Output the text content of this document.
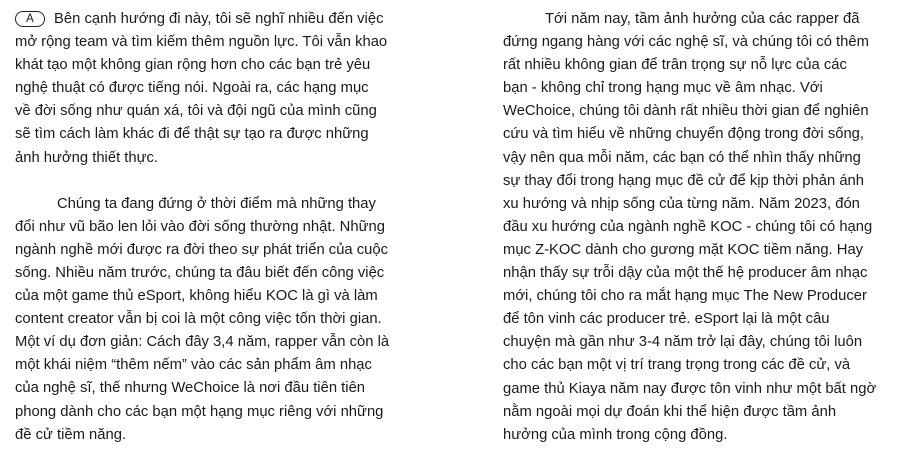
A Bên cạnh hướng đi này, tôi sẽ nghĩ nhiều đến việc
mở rộng team và tìm kiếm thêm nguồn lực. Tôi vẫn khao
khát tạo một không gian rộng hơn cho các bạn trẻ yêu
nghệ thuật có được tiếng nói. Ngoài ra, các hạng mục
về đời sống như quán xá, tôi và đội ngũ của mình cũng
sẽ tìm cách làm khác đi để thật sự tạo ra được những
ảnh hưởng thiết thực.

Chúng ta đang đứng ở thời điểm mà những thay
đổi như vũ bão len lỏi vào đời sống thường nhật. Những
ngành nghề mới được ra đời theo sự phát triển của cuộc
sống. Nhiều năm trước, chúng ta đâu biết đến công việc
của một game thủ eSport, không hiểu KOC là gì và làm
content creator vẫn bị coi là một công việc tốn thời gian.
Một ví dụ đơn giản: Cách đây 3,4 năm, rapper vẫn còn là
một khái niệm “thêm nếm” vào các sản phẩm âm nhạc
của nghệ sĩ, thế nhưng WeChoice là nơi đầu tiên tiên
phong dành cho các bạn một hạng mục riêng với những
đề cử tiềm năng.

Tới năm nay, tầm ảnh hưởng của các rapper đã
đứng ngang hàng với các nghệ sĩ, và chúng tôi có thêm
rất nhiều không gian để trân trọng sự nỗ lực của các
bạn - không chỉ trong hạng mục về âm nhạc. Với
WeChoice, chúng tôi dành rất nhiều thời gian để nghiên
cứu và tìm hiểu về những chuyển động trong đời sống,
vậy nên qua mỗi năm, các bạn có thể nhìn thấy những
sự thay đổi trong hạng mục đề cử để kịp thời phản ánh
xu hướng và nhịp sống của từng năm. Năm 2023, đón
đầu xu hướng của ngành nghề KOC - chúng tôi có hạng
mục Z-KOC dành cho gương mặt KOC tiềm năng. Hay
nhận thấy sự trỗi dậy của một thế hệ producer âm nhạc
mới, chúng tôi cho ra mắt hạng mục The New Producer
để tôn vinh các producer trẻ. eSport lại là một câu
chuyện mà gần như 3-4 năm trở lại đây, chúng tôi luôn
cho các bạn một vị trí trang trọng trong các đề cử, và
game thủ Kiaya năm nay được tôn vinh như một bất ngờ
nằm ngoài mọi dự đoán khi thể hiện được tầm ảnh
hưởng của mình trong cộng đồng.
